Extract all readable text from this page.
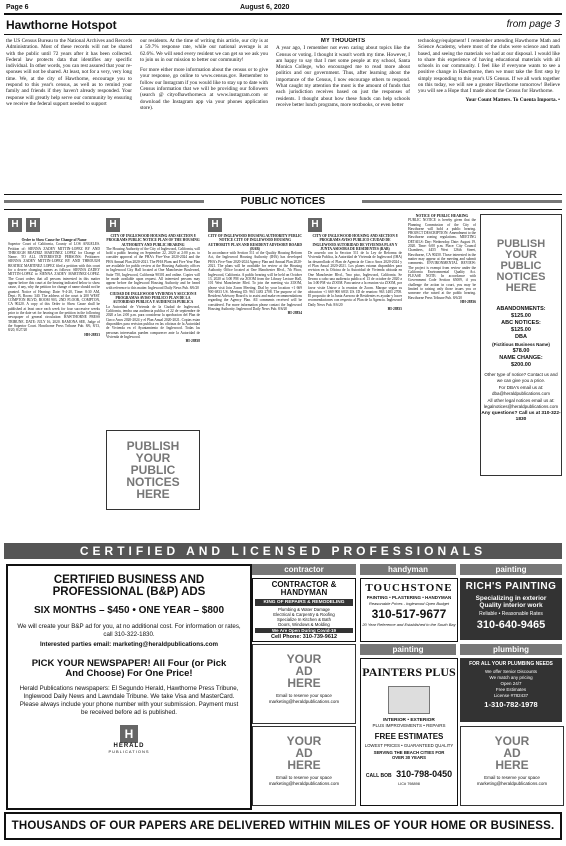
Page 6	August 6, 2020
Hawthorne Hotspot	from page 3
the US Census Bureau to the National Archives and Records Administration. Most of these records will not be shared with the public until 72 years after it has been collected. Federal law protects data that identifies any specific individual. In other words, you can rest assured that your re-sponses will not be shared. At least, not for a very, very long time. We, at the city of Hawthorne, encourage you to respond to this year's census, as well as to remind your family and friends if they haven't already responded. Your response will greatly help serve our community by ensuring we receive the federal support needed to support

our residents. At the time of writing this article, our city is at a 59.7% response rate, while our national average is at 62.6%. We will send every resident we can get so we ask you to join us in our mission to better our community!

For more either more information about the census or to give your response, go online to www.census.gov. Remember to follow our Instagram if you would like to stay up to date with Census information that we will be providing our followers (search @ cityofhawthorneca at www.instagram.com or download the Instagram app via your phones application store).

MY THOUGHTS
A year ago, I remember not even caring about topics like the Census or voting. I thought it wasn't worth my time. However, I am happy to say that I met some people at my school, Santa Monica College, who encouraged me to read more about politics and our government. Thus, after learning about the importance of the Census, I now encourage others to respond. What caught my attention the most is the amount of funds that each jurisdiction receives based on just the responses of residents. I thought about how these funds can help schools receive better lunch programs, more textbooks, or even better
technology/equipment! I remember attending Hawthorne Math and Science Academy, where most of the clubs were science and math based, and seeing the materials we had at our disposal. I would like to share this experience of having educational materials with all schools in our community. I feel like if everyone wants to see a positive change in Hawthorne, then we must take the first step by simply responding to this year's US Census. If we all work together on this today, we will see a greater Hawthorne tomorrow! Believe you will see a Hope that I made about the Census for Hawthorne.
Your Count Matters. To Cuenta Importa. •
PUBLIC NOTICES
H H
Order to Show Cause for Change of Name
Superior Court of California, County of LOS ANGELES. Petition of: SIENNA ZADEY MITTIN-LOPEZ BY AND THROUGH BEATRIZ MARTINEZ LOPEZ for Change of Name. TO ALL INTERESTED PERSONS: Petitioner: SIENNA ZADEY MITTIN-LOPEZ BY AND THROUGH BEATRIZ MARTINEZ LOPEZ filed a petition with this court for a decree changing names as follows: SIENNA ZADEY MITTIN-LOPEZ to SIENNA ZADEY MARTINEZ-LOPEZ. The Court orders that all persons interested in this matter appear before this court at the hearing indicated below to show cause, if any, why the petition for change of name should not be granted. Notice of Hearing: Date: 9-4-20, Time: 8:30 AM, Dept.: B, Room: 340. The address of the court is 200 WEST COMPTON BLVD, ROOM 903, 2ND FLOOR, COMPTON, CA 90220. A copy of this Order to Show Cause shall be published at least once each week for four successive weeks prior to the date set for hearing on the petition in the following newspaper of general circulation: HAWTHORNE PRESS TRIBUNE. DATE: JULY 16, 2020. RAMONA SEE, Judge of the Superior Court. Hawthorne Press Tribune Pub. 8/6, 8/13, 8/20, 8/27/20
HH-28833
H
CITY OF INGLEWOOD HOUSING AND SECTION 8 PROGRAMS PUBLIC NOTICE PLAN OF THE HOUSING AUTHORITY AND PUBLIC HEARING
The Housing Authority of the City of Inglewood, California, will hold a public hearing on September 22, 2020 at 2:00 p.m. to consider approval of the PHA's Five-Year 2020-2024 and the PHA Annual Plan 2020-2021. The PHA Plans and Five Year Plan are available for public review at the Housing Authority offices in Inglewood City Hall located at One Manchester Boulevard, Suite 750, Inglewood, California 90301 and online. Copies will be made available upon request. All interested persons may appear before the Inglewood Housing Authority and be heard with reference to this matter. Inglewood Daily News Pub. 8/6/20
CIUDAD DE INGLEWOOD VIVIENDA Y SECCION 8 PROGRAMAS AVISO PUBLICO PLAN DE LA AUTORIDAD PUBLICA Y AUDIENCIA PUBLICA
La Autoridad de Vivienda de la Ciudad de Inglewood, California, tendra una audiencia publica el 22 de septiembre de 2020 a las 2:00 p.m. para considerar la aprobacion del Plan de Cinco Anos 2020-2024 y el Plan Anual 2020-2021. Copias estan disponibles para revision publica en las oficinas de la Autoridad de Vivienda en el Ayuntamiento de Inglewood. Todas las personas interesadas pueden comparecer ante la Autoridad de Vivienda de Inglewood.
HI-28838
PUBLISH
YOUR
PUBLIC
NOTICES
HERE
H
CITY OF INGLEWOOD HOUSING AUTHORITY PUBLIC NOTICE CITY OF INGLEWOOD HOUSING AUTHORITY PLAN AND RESIDENT ADVISORY BOARD (RAB)
In accordance with Section 511 of the Quality Housing Reform Act, the Inglewood Housing Authority (IHA) has developed PHA's Five-Year 2020-2024 Agency Plan and Annual Plan 2020-2021. The plans will be available for review at the Housing Authority Office located at One Manchester Blvd., 7th Floor, Inglewood, California. A public hearing will be held on October 13, 2020 at 3:00 PM via ZOOM from the Library Lecture Hall, 101 West Manchester Blvd. To join the meeting via ZOOM, please visit Join Zoom Meeting. Dial by your location +1 669 900 6833 US. Meeting ID: 963 1483 2708. The purpose of the Resident Advisory Board is to assist and make recommendations regarding the Agency Plan. All comments received will be considered. For more information please contact the Inglewood Housing Authority. Inglewood Daily News Pub. 8/6/20
HI-28834
H
CITY OF INGLEWOOD HOUSING AND SECTION 8 PROGRAMS AVISO PUBLICO CIUDAD DE INGLEWOOD AUTORIDAD DE VIVIENDA PLAN Y JUNTA ASESORA DE RESIDENTES (RAB)
De acuerdo con la Seccion 511 de la Ley de Reforma de Vivienda Publica, la Autoridad de Vivienda de Inglewood (IHA) ha desarrollado el Plan de Agencia de Cinco Anos 2020-2024 y el Plan Anual 2020-2021. Los planes estaran disponibles para revision en la Oficina de la Autoridad de Vivienda ubicada en One Manchester Blvd., 7mo piso, Inglewood, California. Se llevara a cabo una audiencia publica el 13 de octubre de 2020 a las 3:00 PM via ZOOM. Para unirse a la reunion via ZOOM, por favor visite Unirse a la reunion de Zoom. Marque segun su ubicacion +1 669 900 6833 US. ID de reunion: 963 1483 2708. El proposito de la Junta Asesora de Residentes es ayudar y hacer recomendaciones con respecto al Plan de la Agencia. Inglewood Daily News Pub. 8/6/20
HI-28835
NOTICE OF PUBLIC HEARING
PUBLIC NOTICE is hereby given that the Planning Commission of the City of Hawthorne will hold a public hearing. PROJECT DESCRIPTION: Amendment to the Hawthorne zoning regulations. MEETING DETAILS: Day: Wednesday. Date: August 19, 2020. Time: 6:00 p.m. Place: City Council Chambers, 4455 West 126th Street, Hawthorne, CA 90250. Those interested in the matter may appear at the meeting and submit comments. ENVIRONMENTAL REVIEW: The project is exempt from review under the California Environmental Quality Act. PLEASE NOTE: In accordance with Government Code Section 65009, if you challenge the action in court, you may be limited to raising only those issues you or someone else raised at the public hearing. Hawthorne Press Tribune Pub. 8/6/20
HH-28836
PUBLISH
YOUR
PUBLIC
NOTICES
HERE
ABANDONMENTS:
$125.00
ABC NOTICES:
$125.00
DBA
(Fictitious Business Name)
$78.00
NAME CHANGE:
$200.00
Other type of notice? Contact us and we can give you a price.
For DBA's email us at: dba@heraldpublications.com
All other legal notices email us at: legalnotices@heraldpublications.com
Any questions? Call us at 310-322-1830
CERTIFIED AND LICENSED PROFESSIONALS
CERTIFIED BUSINESS AND PROFESSIONAL (B&P) ADS
SIX MONTHS – $450 • ONE YEAR – $800
We will create your B&P ad for you, at no additional cost. For information or rates, call 310-322-1830.
Interested parties email: marketing@heraldpublications.com
PICK YOUR NEWSPAPER! All Four (or Pick And Choose) For One Price!
Herald Publications newspapers: El Segundo Herald, Hawthorne Press Tribune, Inglewood Daily News and Lawndale Tribune. We take Visa and MasterCard. Please always include your phone number with your submission. Payment must be received before ad is published.
H
HERALD
PUBLICATIONS
contractor	handyman	painting
CONTRACTOR & HANDYMAN
KING OF REPAIRS & REMODELING
Plumbing & Water Damage
Electrical & Carpentry & Roofing
Specialize In Kitchen & Bath
Doors, Windows & Molding
We Are Open During Covid-19
Cell Phone: 310-739-9612
TOUCHSTONE
PAINTING • PLASTERING • HANDYMAN
Reasonable Prices - Inglewood Open Budget
310-517-9677
20 Year Reference and Established in the South Bay
RICH'S PAINTING
Specializing in exterior
Quality interior work
Reliable • Reasonable Rates
310-640-9465
YOUR
AD
HERE
Email to reserve your space marketing@heraldpublications.com
painting
PAINTERS PLUS
INTERIOR • EXTERIOR
PLUS IMPROVEMENTS • REPAIRS
FREE ESTIMATES
LOWEST PRICES • GUARANTEED QUALITY
SERVING THE BEACH CITIES FOR OVER 30 YEARS
CALL BOB 310-798-0450
LIC# 798898
plumbing
FOR ALL YOUR PLUMBING NEEDS
We offer Senior Discounts
We match any pricing
Open 24/7
Free Estimates
License #782437
1-310-782-1978
YOUR
AD
HERE
Email to reserve your space marketing@heraldpublications.com
YOUR
AD
HERE
Email to reserve your space marketing@heraldpublications.com
THOUSANDS OF OUR PAPERS ARE DELIVERED WITHIN MILES OF YOUR HOME OR BUSINESS.
